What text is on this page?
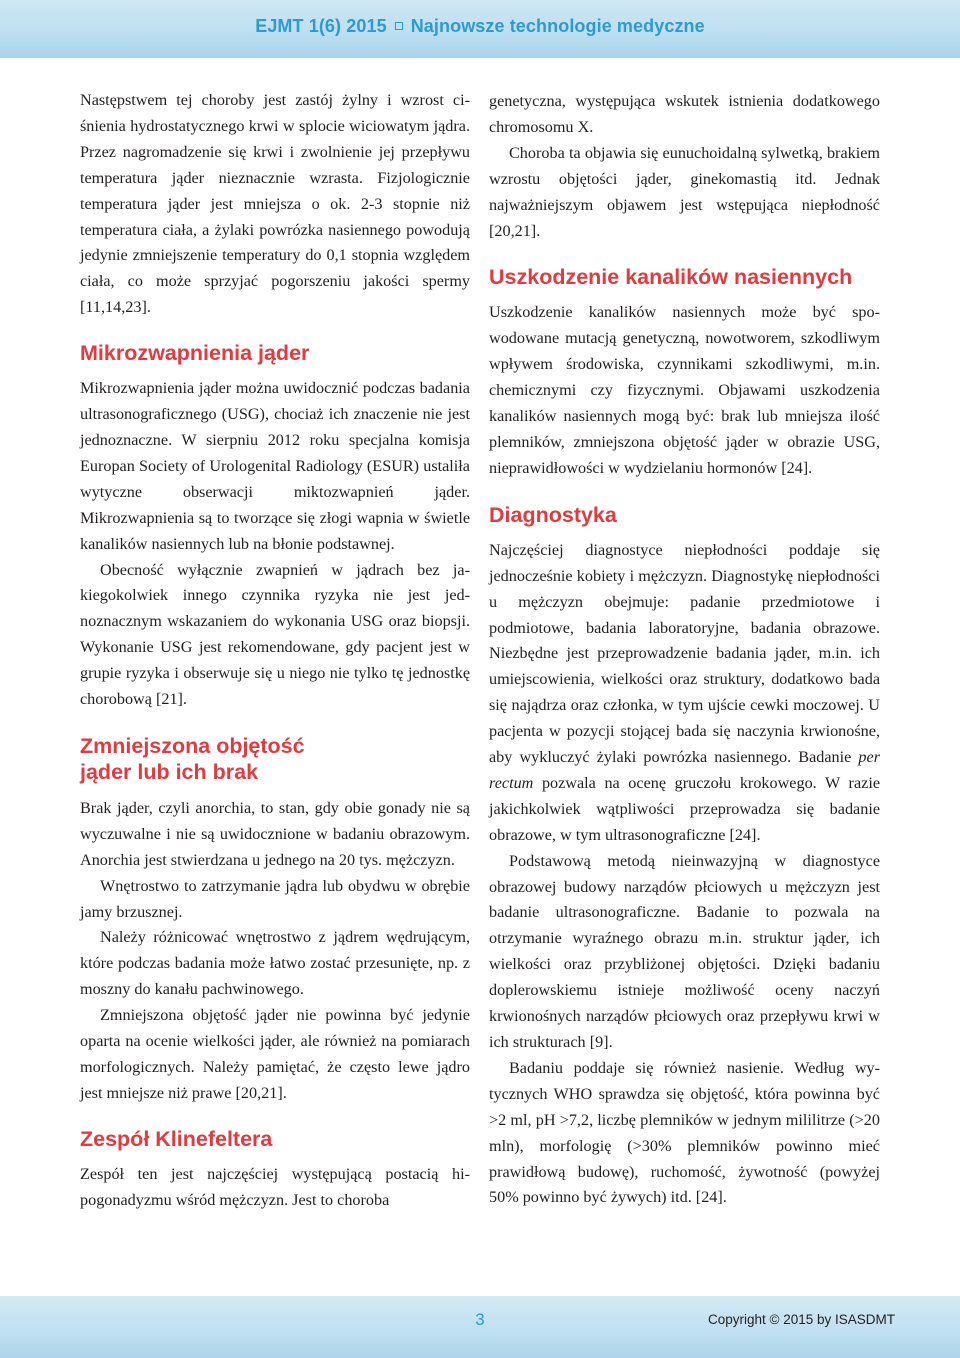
EJMT 1(6) 2015 Najnowsze technologie medyczne

Następstwem tej choroby jest zastój żylny i wzrost ciśnienia hydrostatycznego krwi w splocie wiciowatym jądra. Przez nagromadzenie się krwi i zwolnienie jej przepływu temperatura jąder nieznacznie wzrasta. Fizjologicznie temperatura jąder jest mniejsza o ok. 2-3 stopnie niż temperatura ciała, a żylaki powrózka nasiennego powodują jedynie zmniejszenie temperatury do 0,1 stopnia względem ciała, co może sprzyjać pogorszeniu jakości spermy [11,14,23].

Mikrozwapnienia jąder

Mikrozwapnienia jąder można uwidocznić podczas badania ultrasonograficznego (USG), chociaż ich znaczenie nie jest jednoznaczne. W sierpniu 2012 roku specjalna komisja Europan Society of Urologenital Radiology (ESUR) ustaliła wytyczne obserwacji miktozwapnień jąder. Mikrozwapnienia są to tworzące się złogi wapnia w świetle kanalików nasiennych lub na błonie podstawnej.

Obecność wyłącznie zwapnień w jądrach bez jakiegokolwiek innego czynnika ryzyka nie jest jednoznacznym wskazaniem do wykonania USG oraz biopsji. Wykonanie USG jest rekomendowane, gdy pacjent jest w grupie ryzyka i obserwuje się u niego nie tylko tę jednostkę chorobową [21].

Zmniejszona objętość
jąder lub ich brak

Brak jąder, czyli anorchia, to stan, gdy obie gonady nie są wyczuwalne i nie są uwidocznione w badaniu obrazowym. Anorchia jest stwierdzana u jednego na 20 tys. mężczyzn.

Wnętrostwo to zatrzymanie jądra lub obydwu w obrębie jamy brzusznej.

Należy różnicować wnętrostwo z jądrem wędrującym, które podczas badania może łatwo zostać przesunięte, np. z moszny do kanału pachwinowego.

Zmniejszona objętość jąder nie powinna być jedynie oparta na ocenie wielkości jąder, ale również na pomiarach morfologicznych. Należy pamiętać, że często lewe jądro jest mniejsze niż prawe [20,21].

Zespół Klinefeltera

Zespół ten jest najczęściej występującą postacią hipogonadyzmu wśród mężczyzn. Jest to choroba

genetyczna, występująca wskutek istnienia dodatkowego chromosomu X.

Choroba ta objawia się eunuchoidalną sylwetką, brakiem wzrostu objętości jąder, ginekomastią itd. Jednak najważniejszym objawem jest wstępująca niepłodność [20,21].

Uszkodzenie kanalików nasiennych

Uszkodzenie kanalików nasiennych może być spowodowane mutacją genetyczną, nowotworem, szkodliwym wpływem środowiska, czynnikami szkodliwymi, m.in. chemicznymi czy fizycznymi. Objawami uszkodzenia kanalików nasiennych mogą być: brak lub mniejsza ilość plemników, zmniejszona objętość jąder w obrazie USG, nieprawidłowości w wydzielaniu hormonów [24].

Diagnostyka

Najczęściej diagnostyce niepłodności poddaje się jednocześnie kobiety i mężczyzn. Diagnostykę niepłodności u mężczyzn obejmuje: padanie przedmiotowe i podmiotowe, badania laboratoryjne, badania obrazowe. Niezbędne jest przeprowadzenie badania jąder, m.in. ich umiejscowienia, wielkości oraz struktury, dodatkowo bada się najądrza oraz członka, w tym ujście cewki moczowej. U pacjenta w pozycji stojącej bada się naczynia krwionośne, aby wykluczyć żylaki powrózka nasiennego. Badanie per rectum pozwala na ocenę gruczołu krokowego. W razie jakichkolwiek wątpliwości przeprowadza się badanie obrazowe, w tym ultrasonograficzne [24].

Podstawową metodą nieinwazyjną w diagnostyce obrazowej budowy narządów płciowych u mężczyzn jest badanie ultrasonograficzne. Badanie to pozwala na otrzymanie wyraźnego obrazu m.in. struktur jąder, ich wielkości oraz przybliżonej objętości. Dzięki badaniu doplerowskiemu istnieje możliwość oceny naczyń krwionośnych narządów płciowych oraz przepływu krwi w ich strukturach [9].

Badaniu poddaje się również nasienie. Według wytycznych WHO sprawdza się objętość, która powinna być >2 ml, pH >7,2, liczbę plemników w jednym mililitrze (>20 mln), morfologię (>30% plemników powinno mieć prawidłową budowę), ruchomość, żywotność (powyżej 50% powinno być żywych) itd. [24].

3	Copyright © 2015 by ISASDMT
